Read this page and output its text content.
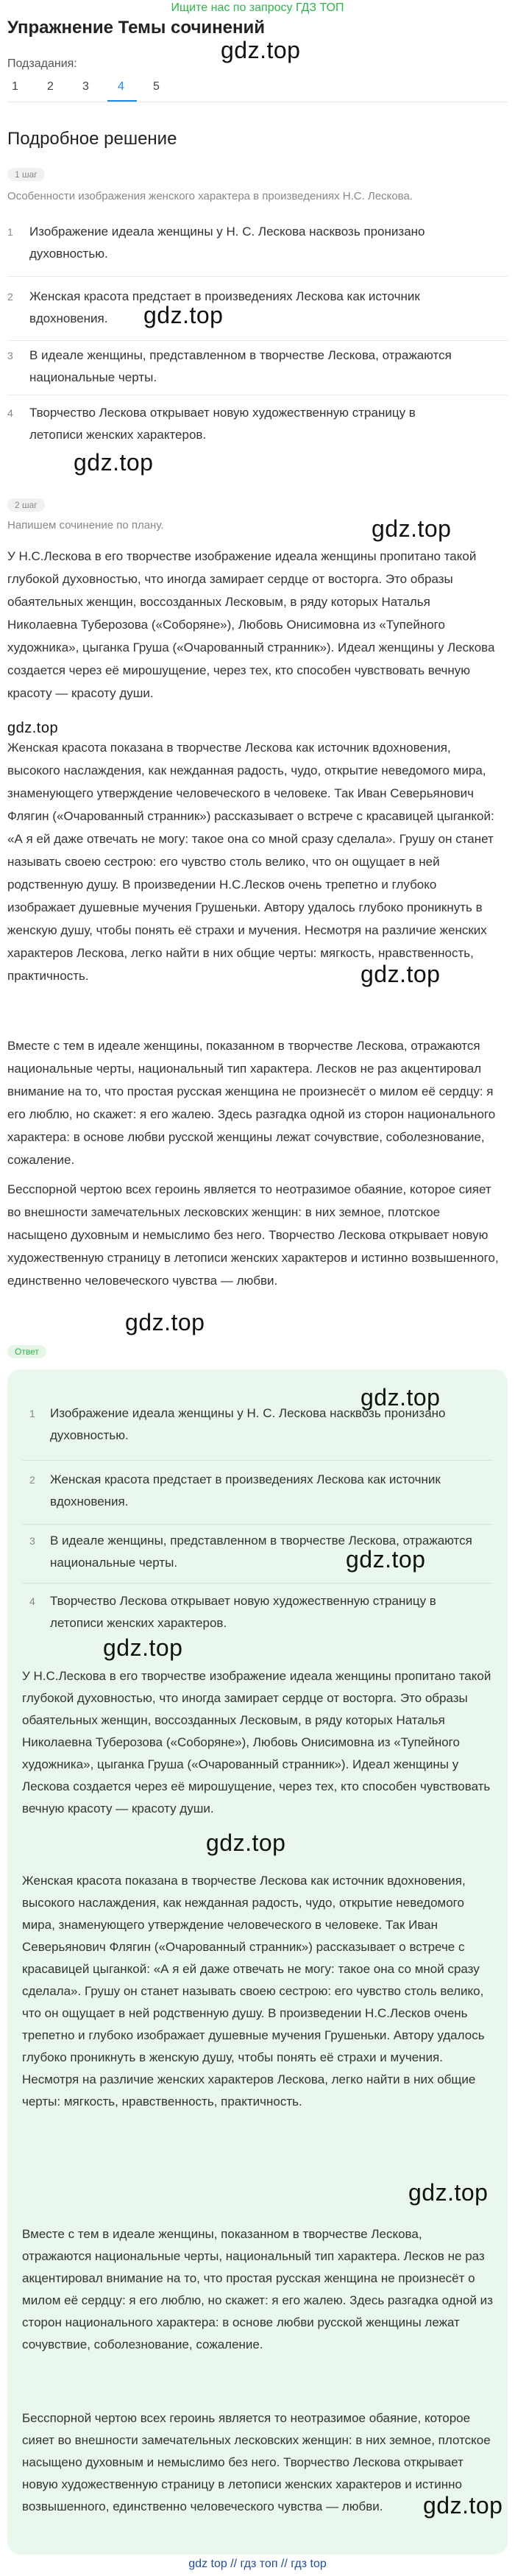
Ищите нас по запросу ГДЗ ТОП
Упражнение Темы сочинений
gdz.top
Подзадания:
1	2	3	4	5
Подробное решение
1 шаг
Особенности изображения женского характера в произведениях Н.С. Лескова.
1 Изображение идеала женщины у Н. С. Лескова насквозь пронизано духовностью.
2 Женская красота предстает в произведениях Лескова как источник вдохновения.	gdz.top
3 В идеале женщины, представленном в творчестве Лескова, отражаются национальные черты.
4 Творчество Лескова открывает новую художественную страницу в летописи женских характеров.
gdz.top
2 шаг
Напишем сочинение по плану.	gdz.top
У Н.С.Лескова в его творчестве изображение идеала женщины пропитано такой глубокой духовностью, что иногда замирает сердце от восторга. Это образы обаятельных женщин, воссозданных Лесковым, в ряду которых Наталья Николаевна Туберозова («Соборяне»), Любовь Онисимовна из «Тупейного художника», цыганка Груша («Очарованный странник»). Идеал женщины у Лескова создается через её мирошущение, через тех, кто способен чувствовать вечную красоту — красоту души.
gdz.top
Женская красота показана в творчестве Лескова как источник вдохновения, высокого наслаждения, как нежданная радость, чудо, открытие неведомого мира, знаменующего утверждение человеческого в человеке. Так Иван Северьянович Флягин («Очарованный странник») рассказывает о встрече с красавицей цыганкой: «А я ей даже отвечать не могу: такое она со мной сразу сделала». Грушу он станет называть своею сестрою: его чувство столь велико, что он ощущает в ней родственную душу. В произведении Н.С.Лесков очень трепетно и глубоко изображает душевные мучения Грушеньки. Автору удалось глубоко проникнуть в женскую душу, чтобы понять её страхи и мучения. Несмотря на различие женских характеров Лескова, легко найти в них общие черты: мягкость, нравственность, практичность.	gdz.top
Вместе с тем в идеале женщины, показанном в творчестве Лескова, отражаются национальные черты, национальный тип характера. Лесков не раз акцентировал внимание на то, что простая русская женщина не произнесёт о милом её сердцу: я его люблю, но скажет: я его жалею. Здесь разгадка одной из сторон национального характера: в основе любви русской женщины лежат сочувствие, соболезнование, сожаление.
Бесспорной чертою всех героинь является то неотразимое обаяние, которое сияет во внешности замечательных лесковских женщин: в них земное, плотское насыщено духовным и немыслимо без него. Творчество Лескова открывает новую художественную страницу в летописи женских характеров и истинно возвышенного, единственно человеческого чувства — любви.
gdz.top
Ответ
gdz.top
1 Изображение идеала женщины у Н. С. Лескова насквозь пронизано духовностью.
2 Женская красота предстает в произведениях Лескова как источник вдохновения.
3 В идеале женщины, представленном в творчестве Лескова, отражаются национальные черты.	gdz.top
4 Творчество Лескова открывает новую художественную страницу в летописи женских характеров.
gdz.top
У Н.С.Лескова в его творчестве изображение идеала женщины пропитано такой глубокой духовностью, что иногда замирает сердце от восторга. Это образы обаятельных женщин, воссозданных Лесковым, в ряду которых Наталья Николаевна Туберозова («Соборяне»), Любовь Онисимовна из «Тупейного художника», цыганка Груша («Очарованный странник»). Идеал женщины у Лескова создается через её мирошущение, через тех, кто способен чувствовать вечную красоту — красоту души.
gdz.top
Женская красота показана в творчестве Лескова как источник вдохновения, высокого наслаждения, как нежданная радость, чудо, открытие неведомого мира, знаменующего утверждение человеческого в человеке. Так Иван Северьянович Флягин («Очарованный странник») рассказывает о встрече с красавицей цыганкой: «А я ей даже отвечать не могу: такое она со мной сразу сделала». Грушу он станет называть своею сестрою: его чувство столь велико, что он ощущает в ней родственную душу. В произведении Н.С.Лесков очень трепетно и глубоко изображает душевные мучения Грушеньки. Автору удалось глубоко проникнуть в женскую душу, чтобы понять её страхи и мучения. Несмотря на различие женских характеров Лескова, легко найти в них общие черты: мягкость, нравственность, практичность.
gdz.top
Вместе с тем в идеале женщины, показанном в творчестве Лескова, отражаются национальные черты, национальный тип характера. Лесков не раз акцентировал внимание на то, что простая русская женщина не произнесёт о милом её сердцу: я его люблю, но скажет: я его жалею. Здесь разгадка одной из сторон национального характера: в основе любви русской женщины лежат сочувствие, соболезнование, сожаление.
Бесспорной чертою всех героинь является то неотразимое обаяние, которое сияет во внешности замечательных лесковских женщин: в них земное, плотское насыщено духовным и немыслимо без него. Творчество Лескова открывает новую художественную страницу в летописи женских характеров и истинно возвышенного, единственно человеческого чувства — любви.	gdz.top
gdz top // гдз топ // гдз top
